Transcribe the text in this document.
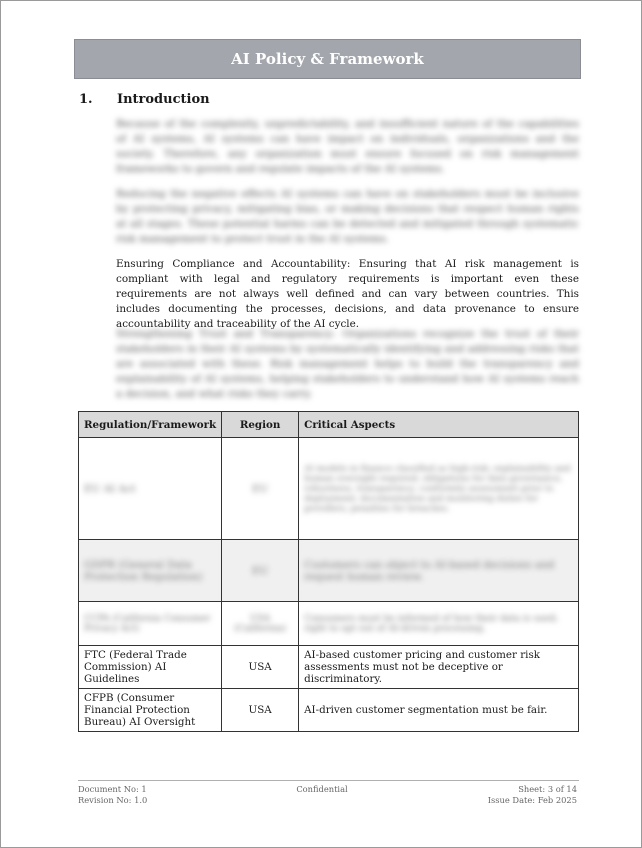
AI Policy & Framework
1. Introduction
Because of the complexity, unpredictability, and insufficient nature of the capabilities of AI systems, AI systems can have impact on individuals, organizations and the society. Therefore, any organization must ensure focused on risk management frameworks to govern and regulate impacts of the AI systems.
Reducing the negative effects AI systems can have on stakeholders must be inclusive by protecting privacy, mitigating bias, or making decisions that respect human rights at all stages. These potential harms can be detected and mitigated through systematic risk management to protect trust in the AI systems.
Ensuring Compliance and Accountability: Ensuring that AI risk management is compliant with legal and regulatory requirements is important even these requirements are not always well defined and can vary between countries. This includes documenting the processes, decisions, and data provenance to ensure accountability and traceability of the AI cycle.
Strengthening Trust and Transparency: Organizations recognize the trust of their stakeholders in their AI systems by systematically identifying and addressing risks that are associated with these. Risk management helps to build the transparency and explainability of AI systems, helping stakeholders to understand how AI systems reach a decision, and what risks they carry.
Regulation/Framework	Region	Critical Aspects
EU AI Act	EU	AI models in finance classified as high-risk; explainability and human oversight required; obligations for data governance, robustness, transparency; conformity assessment prior to deployment; documentation and monitoring duties for providers; penalties for breaches.
GDPR (General Data Protection Regulation)	EU	Customers can object to AI-based decisions and request human review.
CCPA (California Consumer Privacy Act)	USA (California)	Consumers must be informed of how their data is used; right to opt out of AI-driven processing.
FTC (Federal Trade Commission) AI Guidelines	USA	AI-based customer pricing and customer risk assessments must not be deceptive or discriminatory.
CFPB (Consumer Financial Protection Bureau) AI Oversight	USA	AI-driven customer segmentation must be fair.
Document No: 1
Revision No: 1.0
Confidential	Sheet: 3 of 14
Issue Date: Feb 2025
